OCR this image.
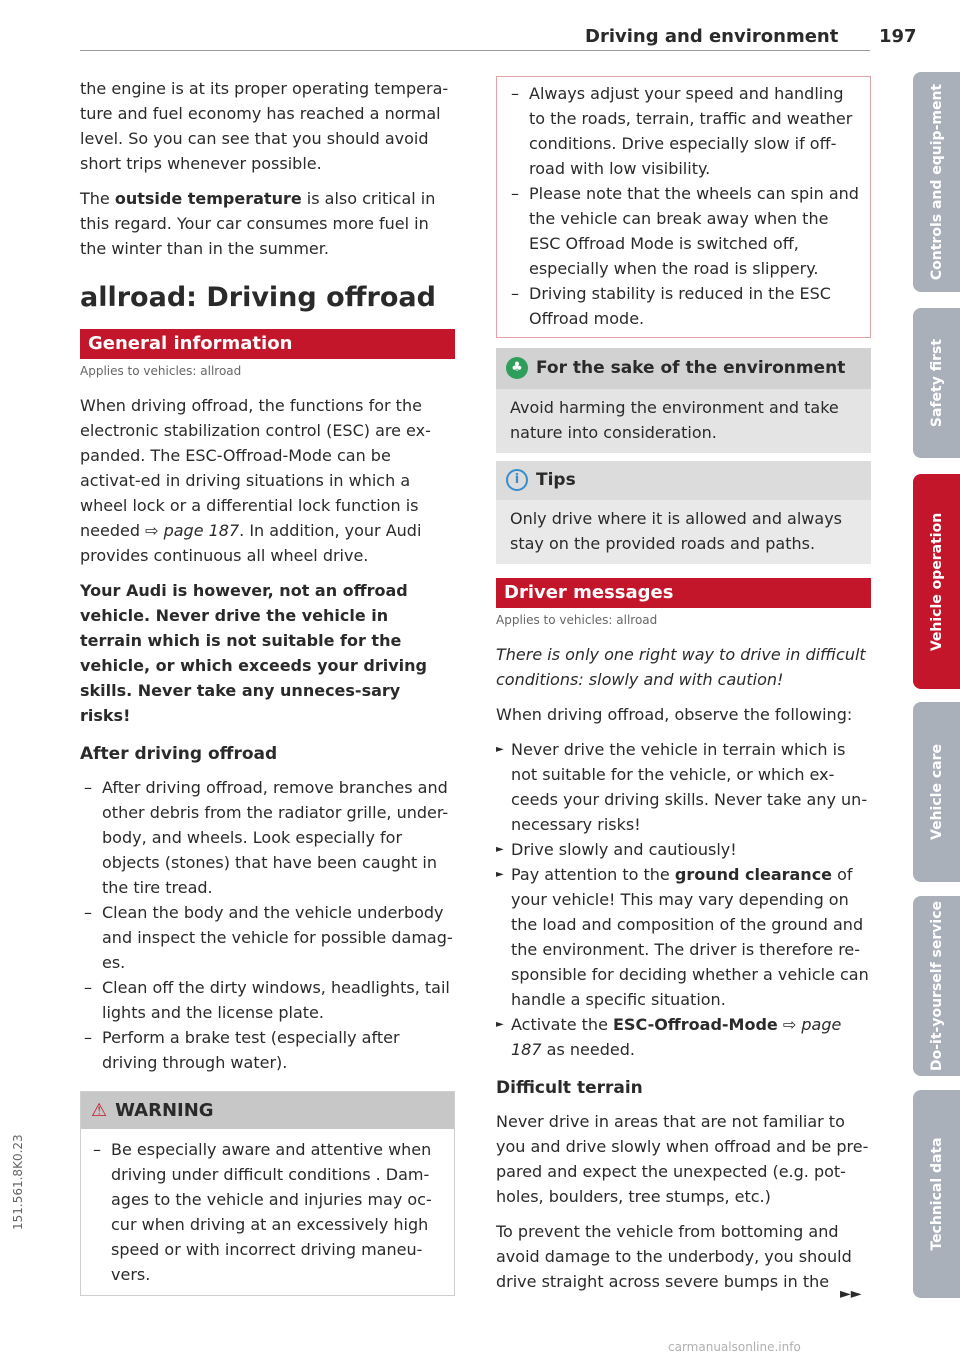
Driving and environment 197

the engine is at its proper operating tempera-ture and fuel economy has reached a normal level. So you can see that you should avoid short trips whenever possible.

The outside temperature is also critical in this regard. Your car consumes more fuel in the winter than in the summer.

allroad: Driving offroad
General information
Applies to vehicles: allroad

When driving offroad, the functions for the electronic stabilization control (ESC) are ex-panded. The ESC-Offroad-Mode can be activat-ed in driving situations in which a wheel lock or a differential lock function is needed ⇨ page 187. In addition, your Audi provides continuous all wheel drive.

Your Audi is however, not an offroad vehicle. Never drive the vehicle in terrain which is not suitable for the vehicle, or which exceeds your driving skills. Never take any unneces-sary risks!

After driving offroad
– After driving offroad, remove branches and other debris from the radiator grille, under-body, and wheels. Look especially for objects (stones) that have been caught in the tire tread.
– Clean the body and the vehicle underbody and inspect the vehicle for possible damag-es.
– Clean off the dirty windows, headlights, tail lights and the license plate.
– Perform a brake test (especially after driving through water).
⚠ WARNING
– Be especially aware and attentive when driving under difficult conditions . Dam-ages to the vehicle and injuries may oc-cur when driving at an excessively high speed or with incorrect driving maneu-vers.
– Always adjust your speed and handling to the roads, terrain, traffic and weather conditions. Drive especially slow if off-road with low visibility.
– Please note that the wheels can spin and the vehicle can break away when the ESC Offroad Mode is switched off, especially when the road is slippery.
– Driving stability is reduced in the ESC Offroad mode.
♣ For the sake of the environment
Avoid harming the environment and take nature into consideration.
i Tips
Only drive where it is allowed and always stay on the provided roads and paths.
Driver messages
Applies to vehicles: allroad

There is only one right way to drive in difficult conditions: slowly and with caution!

When driving offroad, observe the following:

► Never drive the vehicle in terrain which is not suitable for the vehicle, or which ex-ceeds your driving skills. Never take any un-necessary risks!
► Drive slowly and cautiously!
► Pay attention to the ground clearance of your vehicle! This may vary depending on the load and composition of the ground and the environment. The driver is therefore re-sponsible for deciding whether a vehicle can handle a specific situation.
► Activate the ESC-Offroad-Mode ⇨ page 187 as needed.
Difficult terrain

Never drive in areas that are not familiar to you and drive slowly when offroad and be pre-pared and expect the unexpected (e.g. pot-holes, boulders, tree stumps, etc.)

To prevent the vehicle from bottoming and avoid damage to the underbody, you should drive straight across severe bumps in the

►►
Controls and equip-ment
Safety first
Vehicle operation
Vehicle care
Do-it-yourself service
Technical data
151.561.8K0.23
carmanualsonline.info
